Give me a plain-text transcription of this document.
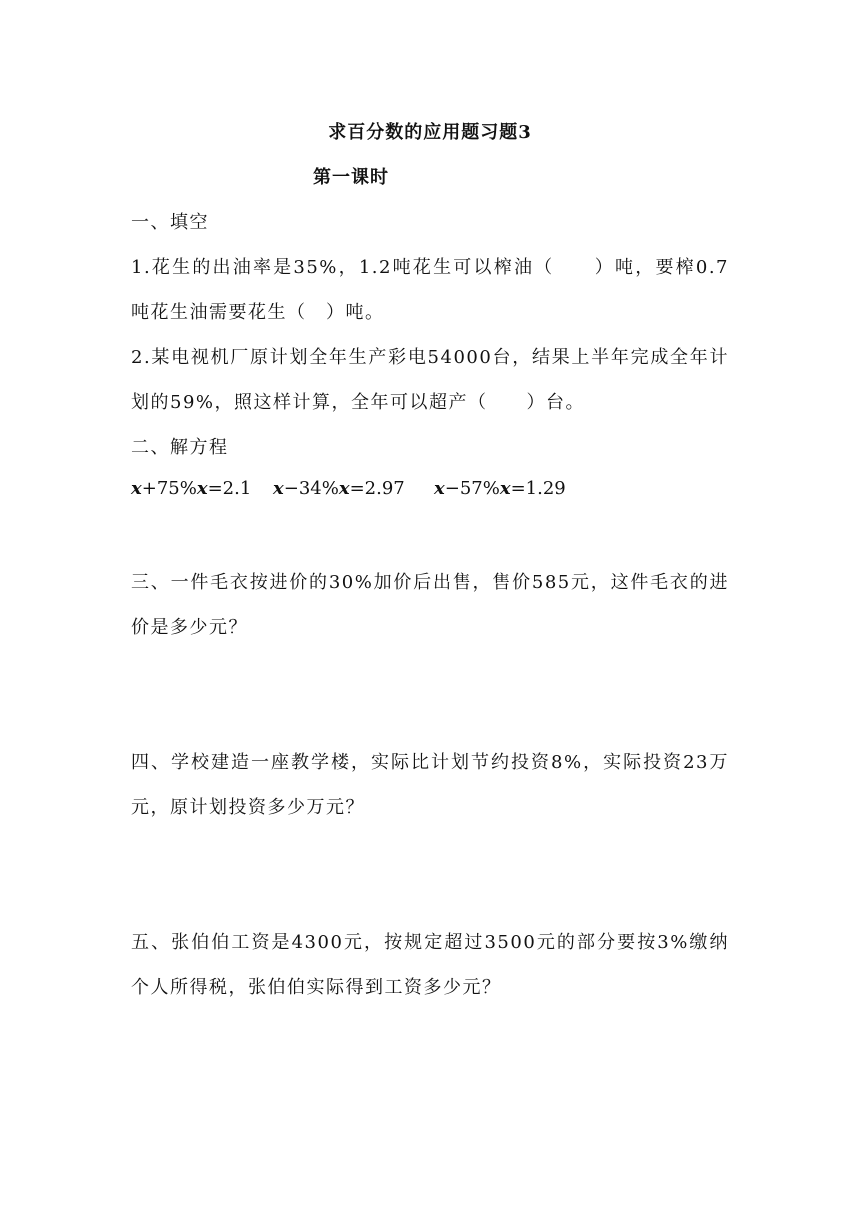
求百分数的应用题习题3
第一课时
一、填空
1.花生的出油率是35%，1.2吨花生可以榨油（　　）吨，要榨0.7
吨花生油需要花生（　）吨。
2.某电视机厂原计划全年生产彩电54000台，结果上半年完成全年计
划的59%，照这样计算，全年可以超产（　　）台。
二、解方程
x+75%x=2.1 x−34%x=2.97 x−57%x=1.29
三、一件毛衣按进价的30%加价后出售，售价585元，这件毛衣的进
价是多少元？
四、学校建造一座教学楼，实际比计划节约投资8%，实际投资23万
元，原计划投资多少万元？
五、张伯伯工资是4300元，按规定超过3500元的部分要按3%缴纳
个人所得税，张伯伯实际得到工资多少元？
